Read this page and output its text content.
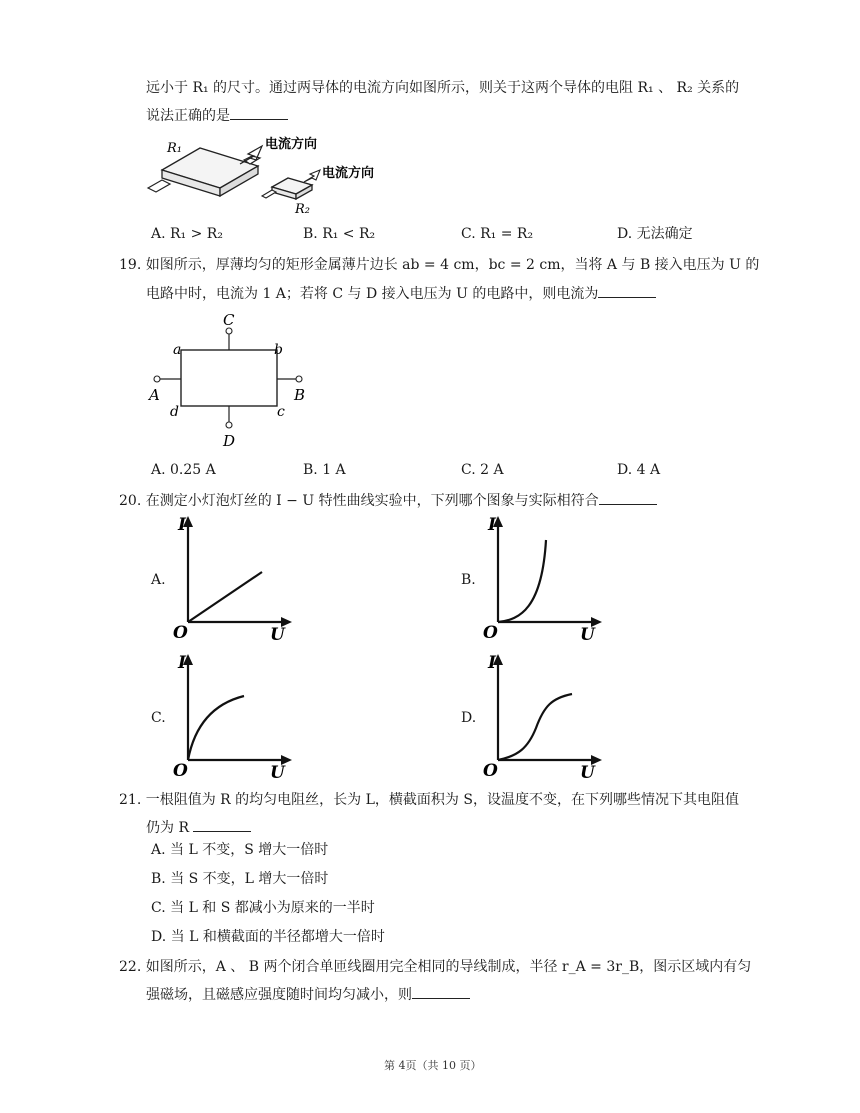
远小于 R₁ 的尺寸。通过两导体的电流方向如图所示，则关于这两个导体的电阻 R₁ 、 R₂ 关系的
说法正确的是
R₁	电流方向
电流方向
R₂
A. R₁ > R₂	B. R₁ < R₂	C. R₁ = R₂	D. 无法确定
19. 如图所示，厚薄均匀的矩形金属薄片边长 ab = 4 cm，bc = 2 cm，当将 A 与 B 接入电压为 U 的
电路中时，电流为 1 A；若将 C 与 D 接入电压为 U 的电路中，则电流为
a	b
c
d
C
D
A	B
A. 0.25 A	B. 1 A	C. 2 A	D. 4 A
20. 在测定小灯泡灯丝的 I − U 特性曲线实验中，下列哪个图象与实际相符合
A.
I
U
O
B.
I
U
O
C.
I
U
O
D.
I
U
O
21. 一根阻值为 R 的均匀电阻丝，长为 L，横截面积为 S，设温度不变，在下列哪些情况下其电阻值
仍为 R
A. 当 L 不变，S 增大一倍时
B. 当 S 不变，L 增大一倍时
C. 当 L 和 S 都减小为原来的一半时
D. 当 L 和横截面的半径都增大一倍时
22. 如图所示，A 、 B 两个闭合单匝线圈用完全相同的导线制成，半径 r_A = 3r_B，图示区域内有匀
强磁场，且磁感应强度随时间均匀减小，则
第 4页（共 10 页）
